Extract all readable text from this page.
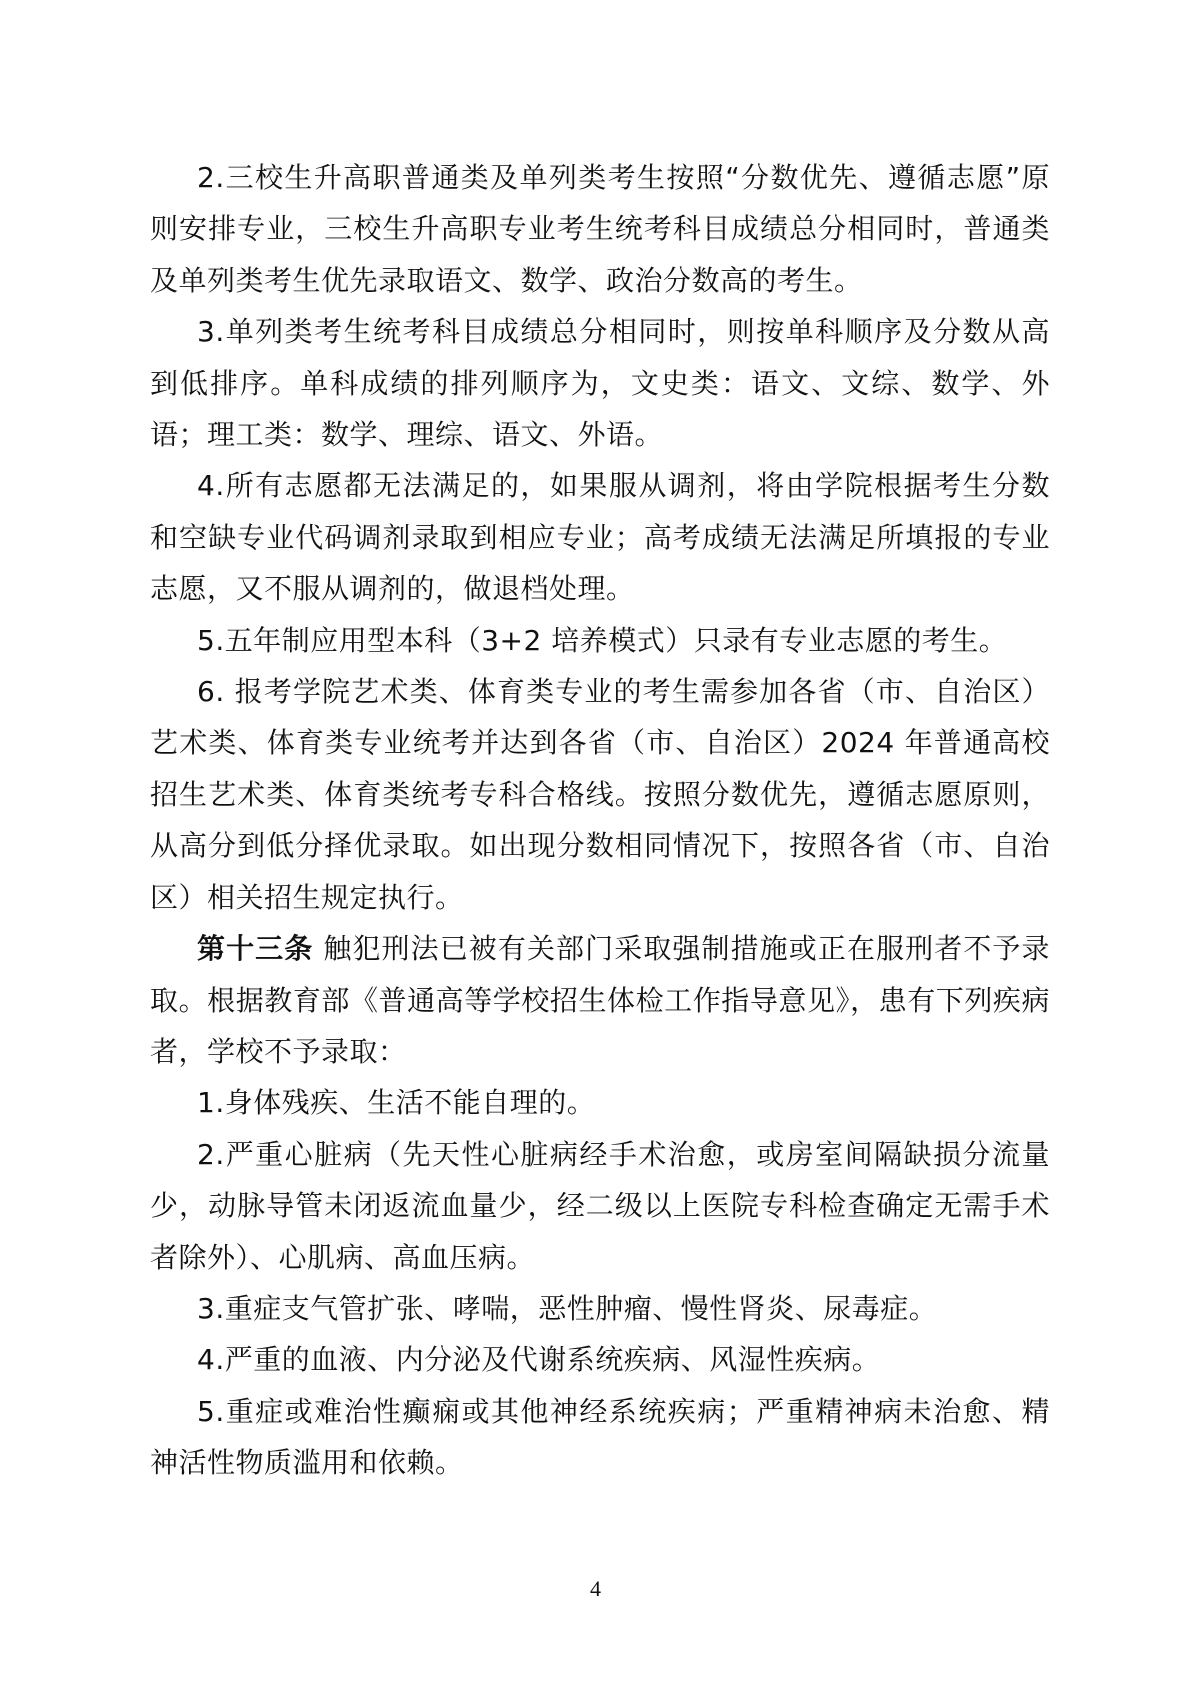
2.三校生升高职普通类及单列类考生按照“分数优先、遵循志愿”原则安排专业，三校生升高职专业考生统考科目成绩总分相同时，普通类及单列类考生优先录取语文、数学、政治分数高的考生。

3.单列类考生统考科目成绩总分相同时，则按单科顺序及分数从高到低排序。单科成绩的排列顺序为，文史类：语文、文综、数学、外语；理工类：数学、理综、语文、外语。

4.所有志愿都无法满足的，如果服从调剂，将由学院根据考生分数和空缺专业代码调剂录取到相应专业；高考成绩无法满足所填报的专业志愿，又不服从调剂的，做退档处理。

5.五年制应用型本科（3+2 培养模式）只录有专业志愿的考生。

6. 报考学院艺术类、体育类专业的考生需参加各省（市、自治区）艺术类、体育类专业统考并达到各省（市、自治区）2024 年普通高校招生艺术类、体育类统考专科合格线。按照分数优先，遵循志愿原则，从高分到低分择优录取。如出现分数相同情况下，按照各省（市、自治区）相关招生规定执行。

第十三条 触犯刑法已被有关部门采取强制措施或正在服刑者不予录取。根据教育部《普通高等学校招生体检工作指导意见》，患有下列疾病者，学校不予录取：

1.身体残疾、生活不能自理的。

2.严重心脏病（先天性心脏病经手术治愈，或房室间隔缺损分流量少，动脉导管未闭返流血量少，经二级以上医院专科检查确定无需手术者除外）、心肌病、高血压病。

3.重症支气管扩张、哮喘，恶性肿瘤、慢性肾炎、尿毒症。

4.严重的血液、内分泌及代谢系统疾病、风湿性疾病。

5.重症或难治性癫痫或其他神经系统疾病；严重精神病未治愈、精神活性物质滥用和依赖。

4
